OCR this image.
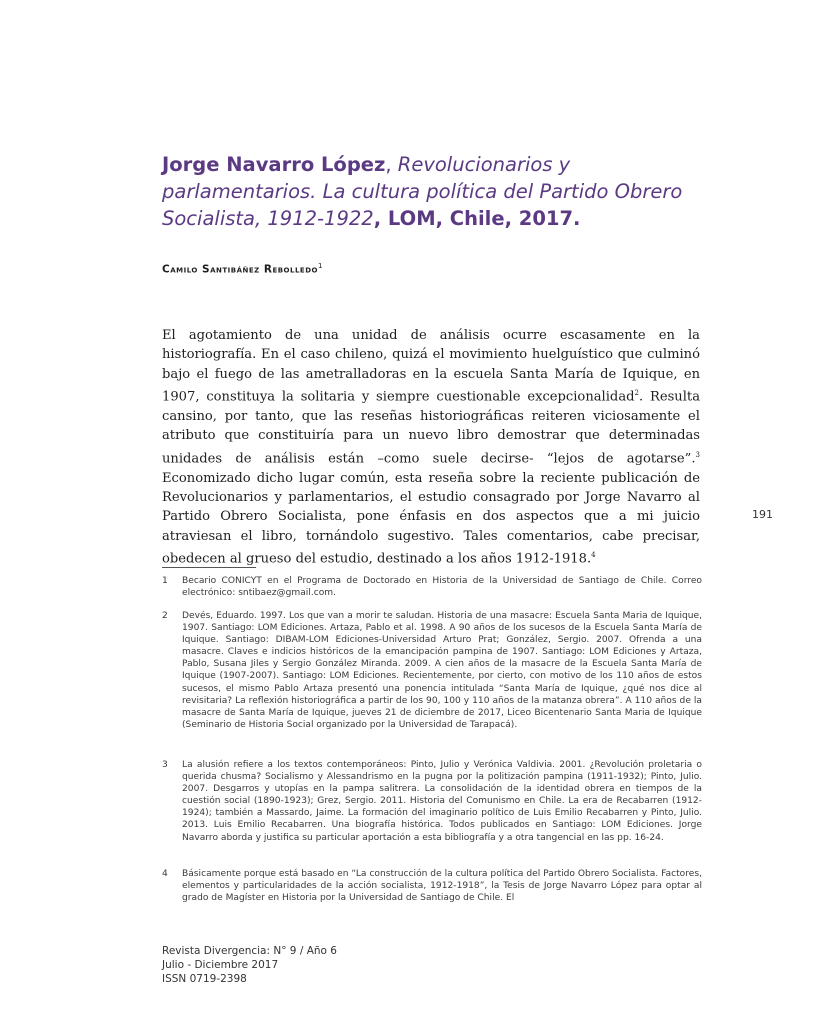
Jorge Navarro López, Revolucionarios y parlamentarios. La cultura política del Partido Obrero Socialista, 1912-1922, LOM, Chile, 2017.
Camilo Santibáñez Rebolledo$^1$

El agotamiento de una unidad de análisis ocurre escasamente en la historiografía. En el caso chileno, quizá el movimiento huelguístico que culminó bajo el fuego de las ametralladoras en la escuela Santa María de Iquique, en 1907, constituya la solitaria y siempre cuestionable excepcionalidad$^2$. Resulta cansino, por tanto, que las reseñas historiográficas reiteren viciosamente el atributo que constituiría para un nuevo libro demostrar que determinadas unidades de análisis están –como suele decirse- “lejos de agotarse”.$^3$ Economizado dicho lugar común, esta reseña sobre la reciente publicación de Revolucionarios y parlamentarios, el estudio consagrado por Jorge Navarro al Partido Obrero Socialista, pone énfasis en dos aspectos que a mi juicio atraviesan el libro, tornándolo sugestivo. Tales comentarios, cabe precisar, obedecen al grueso del estudio, destinado a los años 1912-1918.$^4$

191
1	Becario CONICYT en el Programa de Doctorado en Historia de la Universidad de Santiago de Chile. Correo electrónico: sntibaez@gmail.com.
2	Devés, Eduardo. 1997. Los que van a morir te saludan. Historia de una masacre: Escuela Santa Maria de Iquique, 1907. Santiago: LOM Ediciones. Artaza, Pablo et al. 1998. A 90 años de los sucesos de la Escuela Santa María de Iquique. Santiago: DIBAM-LOM Ediciones-Universidad Arturo Prat; González, Sergio. 2007. Ofrenda a una masacre. Claves e indicios históricos de la emancipación pampina de 1907. Santiago: LOM Ediciones y Artaza, Pablo, Susana Jiles y Sergio González Miranda. 2009. A cien años de la masacre de la Escuela Santa María de Iquique (1907-2007). Santiago: LOM Ediciones. Recientemente, por cierto, con motivo de los 110 años de estos sucesos, el mismo Pablo Artaza presentó una ponencia intitulada “Santa María de Iquique, ¿qué nos dice al revisitaria? La reflexión historiográfica a partir de los 90, 100 y 110 años de la matanza obrera”. A 110 años de la masacre de Santa María de Iquique, jueves 21 de diciembre de 2017, Liceo Bicentenario Santa Maria de Iquique (Seminario de Historia Social organizado por la Universidad de Tarapacá).
3	La alusión refiere a los textos contemporáneos: Pinto, Julio y Verónica Valdivia. 2001. ¿Revolución proletaria o querida chusma? Socialismo y Alessandrismo en la pugna por la politización pampina (1911-1932); Pinto, Julio. 2007. Desgarros y utopías en la pampa salitrera. La consolidación de la identidad obrera en tiempos de la cuestión social (1890-1923); Grez, Sergio. 2011. Historia del Comunismo en Chile. La era de Recabarren (1912-1924); también a Massardo, Jaime. La formación del imaginario político de Luis Emilio Recabarren y Pinto, Julio. 2013. Luis Emilio Recabarren. Una biografía histórica. Todos publicados en Santiago: LOM Ediciones. Jorge Navarro aborda y justifica su particular aportación a esta bibliografía y a otra tangencial en las pp. 16-24.
4	Básicamente porque está basado en “La construcción de la cultura política del Partido Obrero Socialista. Factores, elementos y particularidades de la acción socialista, 1912-1918”, la Tesis de Jorge Navarro López para optar al grado de Magíster en Historia por la Universidad de Santiago de Chile. El
Revista Divergencia: N° 9 / Año 6
Julio - Diciembre 2017
ISSN 0719-2398
